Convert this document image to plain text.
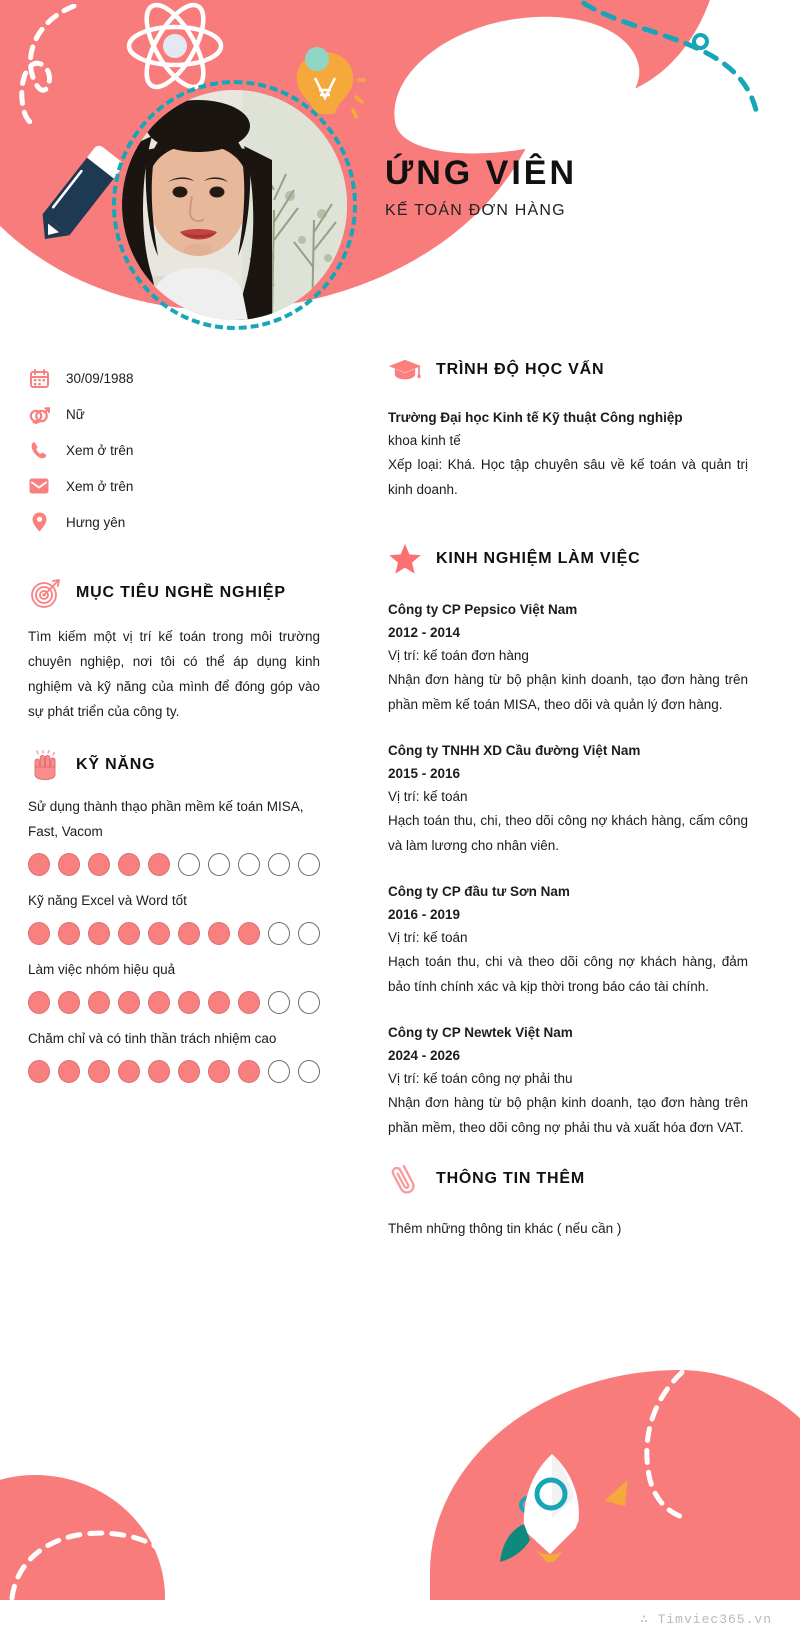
ỨNG VIÊN
KẾ TOÁN ĐƠN HÀNG
30/09/1988
Nữ
Xem ở trên
Xem ở trên
Hưng yên
MỤC TIÊU NGHỀ NGHIỆP
Tìm kiếm một vị trí kế toán trong môi trường chuyên nghiệp, nơi tôi có thể áp dụng kinh nghiệm và kỹ năng của mình để đóng góp vào sự phát triển của công ty.
KỸ NĂNG
Sử dụng thành thạo phần mềm kế toán MISA, Fast, Vacom
Kỹ năng Excel và Word tốt
Làm việc nhóm hiệu quả
Chăm chỉ và có tinh thần trách nhiệm cao
TRÌNH ĐỘ HỌC VẤN
Trường Đại học Kinh tế Kỹ thuật Công nghiệp
khoa kinh tế
Xếp loại: Khá. Học tập chuyên sâu về kế toán và quản trị kinh doanh.
KINH NGHIỆM LÀM VIỆC
Công ty CP Pepsico Việt Nam
2012 - 2014
Vị trí: kế toán đơn hàng
Nhận đơn hàng từ bộ phận kinh doanh, tạo đơn hàng trên phần mềm kế toán MISA, theo dõi và quản lý đơn hàng.
Công ty TNHH XD Cầu đường Việt Nam
2015 - 2016
Vị trí: kế toán
Hạch toán thu, chi, theo dõi công nợ khách hàng, cấm công và làm lương cho nhân viên.
Công ty CP đầu tư Sơn Nam
2016 - 2019
Vị trí: kế toán
Hạch toán thu, chi và theo dõi công nợ khách hàng, đảm bảo tính chính xác và kịp thời trong báo cáo tài chính.
Công ty CP Newtek Việt Nam
2024 - 2026
Vị trí: kế toán công nợ phải thu
Nhận đơn hàng từ bộ phận kinh doanh, tạo đơn hàng trên phần mềm, theo dõi công nợ phải thu và xuất hóa đơn VAT.
THÔNG TIN THÊM
Thêm những thông tin khác ( nếu cần )
∴ Timviec365.vn
